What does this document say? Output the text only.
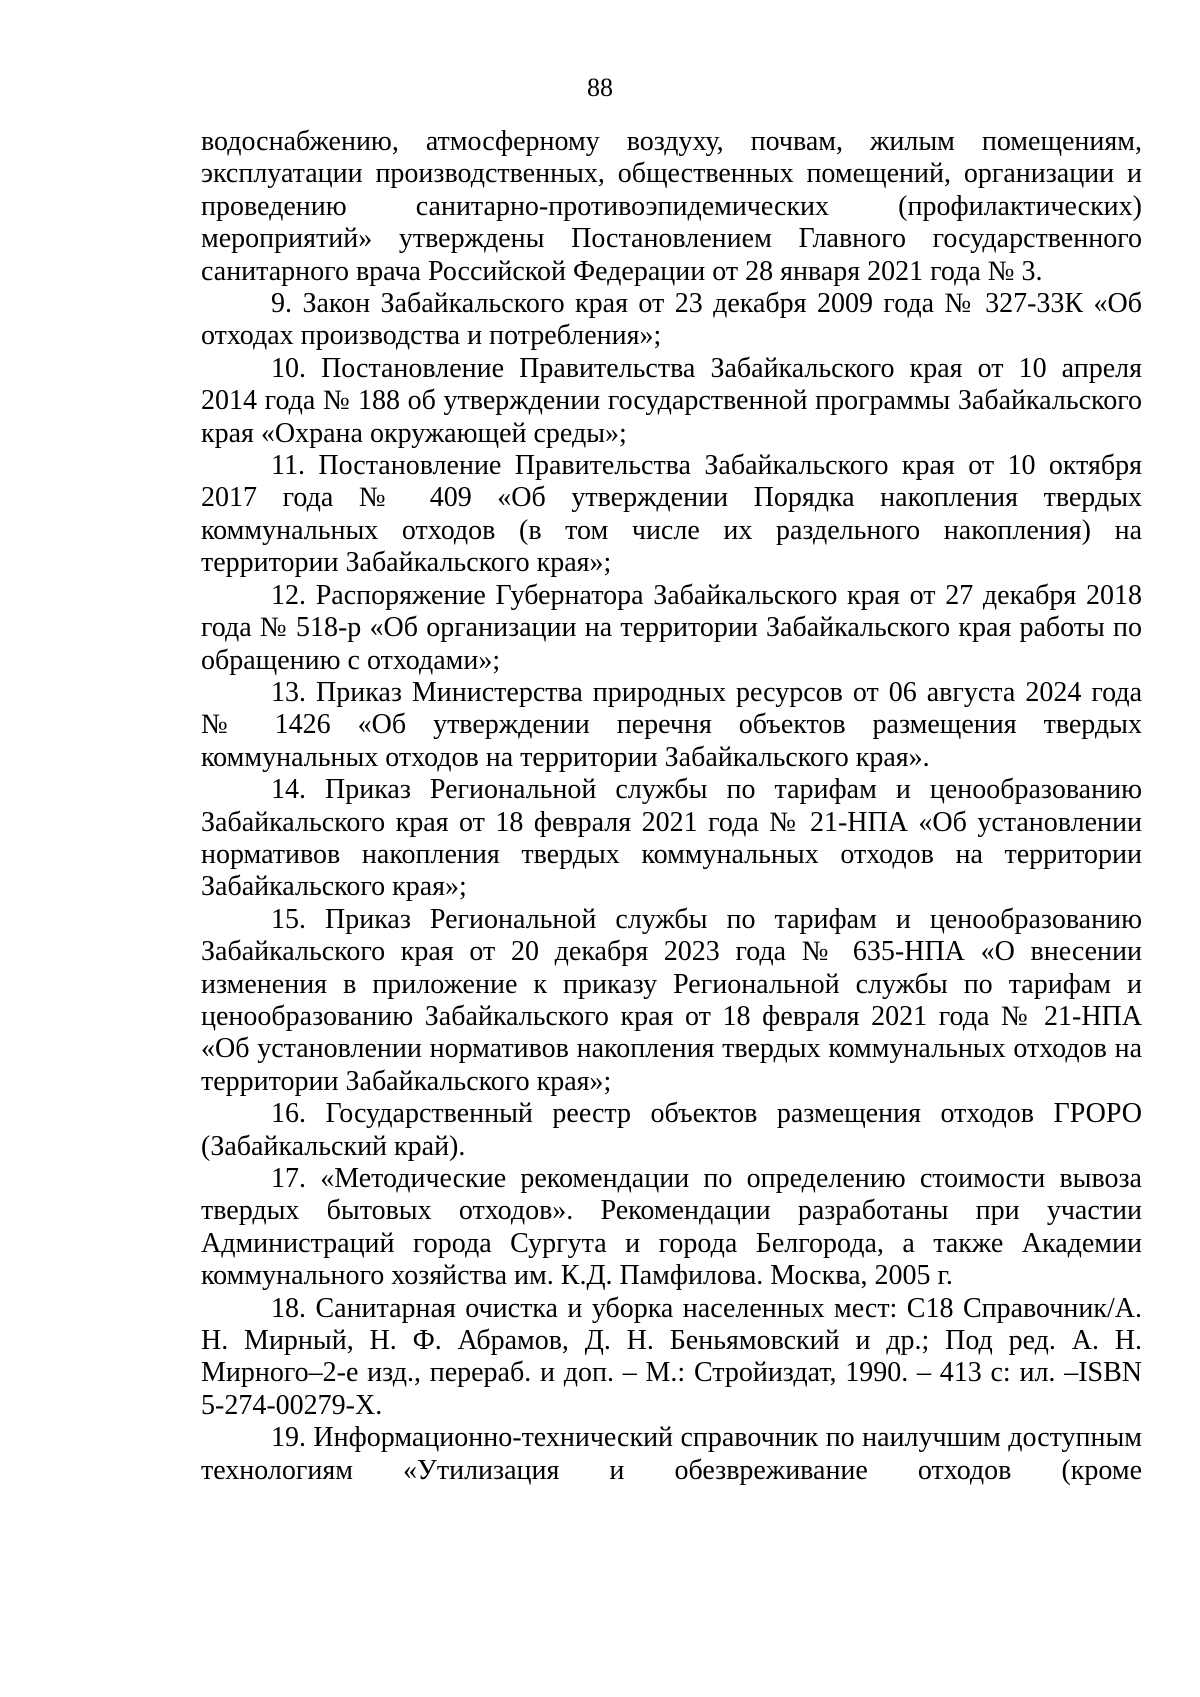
88

водоснабжению, атмосферному воздуху, почвам, жилым помещениям, эксплуатации производственных, общественных помещений, организации и проведению санитарно-противоэпидемических (профилактических) мероприятий» утверждены Постановлением Главного государственного санитарного врача Российской Федерации от 28 января 2021 года № 3.

9. Закон Забайкальского края от 23 декабря 2009 года № 327-33К «Об отходах производства и потребления»;

10. Постановление Правительства Забайкальского края от 10 апреля 2014 года № 188 об утверждении государственной программы Забайкальского края «Охрана окружающей среды»;

11. Постановление Правительства Забайкальского края от 10 октября 2017 года № 409 «Об утверждении Порядка накопления твердых коммунальных отходов (в том числе их раздельного накопления) на территории Забайкальского края»;

12. Распоряжение Губернатора Забайкальского края от 27 декабря 2018 года № 518-р «Об организации на территории Забайкальского края работы по обращению с отходами»;

13. Приказ Министерства природных ресурсов от 06 августа 2024 года № 1426 «Об утверждении перечня объектов размещения твердых коммунальных отходов на территории Забайкальского края».

14. Приказ Региональной службы по тарифам и ценообразованию Забайкальского края от 18 февраля 2021 года № 21-НПА «Об установлении нормативов накопления твердых коммунальных отходов на территории Забайкальского края»;

15. Приказ Региональной службы по тарифам и ценообразованию Забайкальского края от 20 декабря 2023 года № 635-НПА «О внесении изменения в приложение к приказу Региональной службы по тарифам и ценообразованию Забайкальского края от 18 февраля 2021 года № 21-НПА «Об установлении нормативов накопления твердых коммунальных отходов на территории Забайкальского края»;

16. Государственный реестр объектов размещения отходов ГРОРО (Забайкальский край).

17. «Методические рекомендации по определению стоимости вывоза твердых бытовых отходов». Рекомендации разработаны при участии Администраций города Сургута и города Белгорода, а также Академии коммунального хозяйства им. К.Д. Памфилова. Москва, 2005 г.

18. Санитарная очистка и уборка населенных мест: С18 Справочник/А. Н. Мирный, Н. Ф. Абрамов, Д. Н. Беньямовский и др.; Под ред. А. Н. Мирного–2-е изд., перераб. и доп. – М.: Стройиздат, 1990. – 413 с: ил. –ISBN 5-274-00279-X.

19. Информационно-технический справочник по наилучшим доступным технологиям «Утилизация и обезвреживание отходов (кроме
